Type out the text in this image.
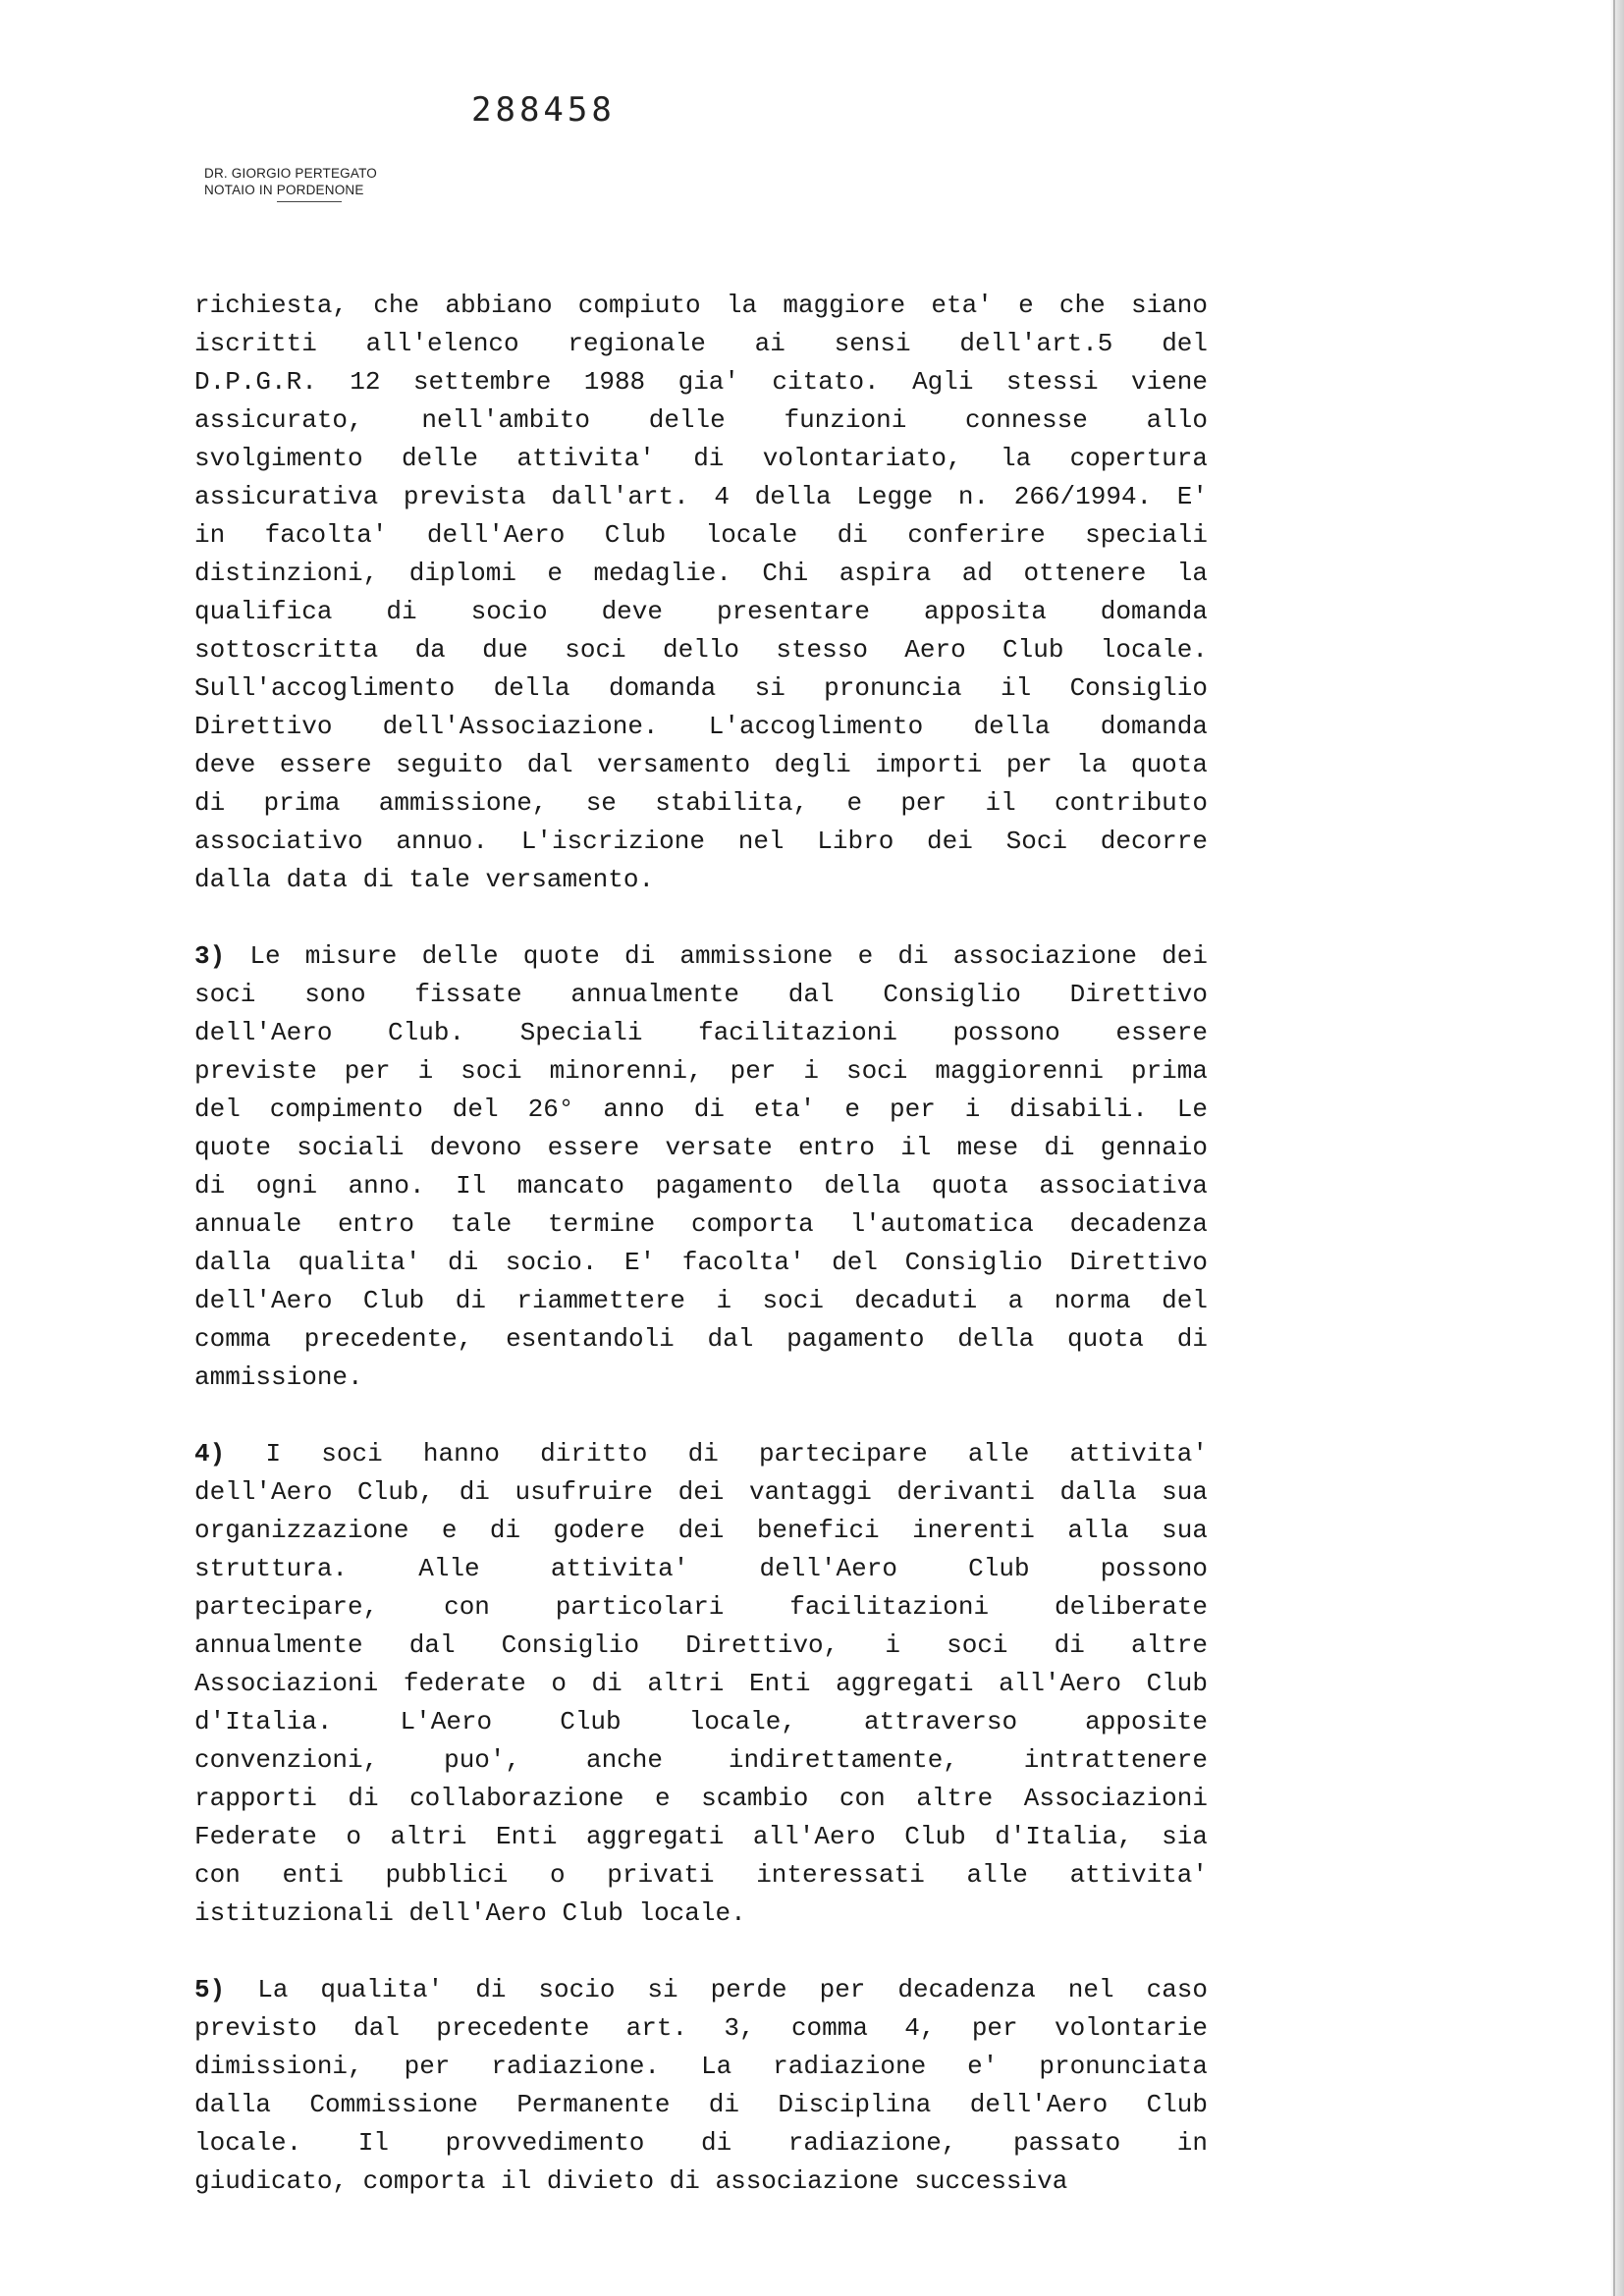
288458
DR. GIORGIO PERTEGATO
NOTAIO IN PORDENONE
richiesta, che abbiano compiuto la maggiore eta' e che siano
iscritti all'elenco regionale ai sensi dell'art.5 del
D.P.G.R. 12 settembre 1988 gia' citato. Agli stessi viene
assicurato, nell'ambito delle funzioni connesse allo
svolgimento delle attivita' di volontariato, la copertura
assicurativa prevista dall'art. 4 della Legge n. 266/1994. E'
in facolta' dell'Aero Club locale di conferire speciali
distinzioni, diplomi e medaglie. Chi aspira ad ottenere la
qualifica di socio deve presentare apposita domanda
sottoscritta da due soci dello stesso Aero Club locale.
Sull'accoglimento della domanda si pronuncia il Consiglio
Direttivo dell'Associazione. L'accoglimento della domanda
deve essere seguito dal versamento degli importi per la quota
di prima ammissione, se stabilita, e per il contributo
associativo annuo. L'iscrizione nel Libro dei Soci decorre
dalla data di tale versamento.
3) Le misure delle quote di ammissione e di associazione dei
soci sono fissate annualmente dal Consiglio Direttivo
dell'Aero Club. Speciali facilitazioni possono essere
previste per i soci minorenni, per i soci maggiorenni prima
del compimento del 26° anno di eta' e per i disabili. Le
quote sociali devono essere versate entro il mese di gennaio
di ogni anno. Il mancato pagamento della quota associativa
annuale entro tale termine comporta l'automatica decadenza
dalla qualita' di socio. E' facolta' del Consiglio Direttivo
dell'Aero Club di riammettere i soci decaduti a norma del
comma precedente, esentandoli dal pagamento della quota di
ammissione.
4) I soci hanno diritto di partecipare alle attivita'
dell'Aero Club, di usufruire dei vantaggi derivanti dalla sua
organizzazione e di godere dei benefici inerenti alla sua
struttura. Alle attivita' dell'Aero Club possono
partecipare, con particolari facilitazioni deliberate
annualmente dal Consiglio Direttivo, i soci di altre
Associazioni federate o di altri Enti aggregati all'Aero Club
d'Italia. L'Aero Club locale, attraverso apposite
convenzioni, puo', anche indirettamente, intrattenere
rapporti di collaborazione e scambio con altre Associazioni
Federate o altri Enti aggregati all'Aero Club d'Italia, sia
con enti pubblici o privati interessati alle attivita'
istituzionali dell'Aero Club locale.
5) La qualita' di socio si perde per decadenza nel caso
previsto dal precedente art. 3, comma 4, per volontarie
dimissioni, per radiazione. La radiazione e' pronunciata
dalla Commissione Permanente di Disciplina dell'Aero Club
locale. Il provvedimento di radiazione, passato in
giudicato, comporta il divieto di associazione successiva
